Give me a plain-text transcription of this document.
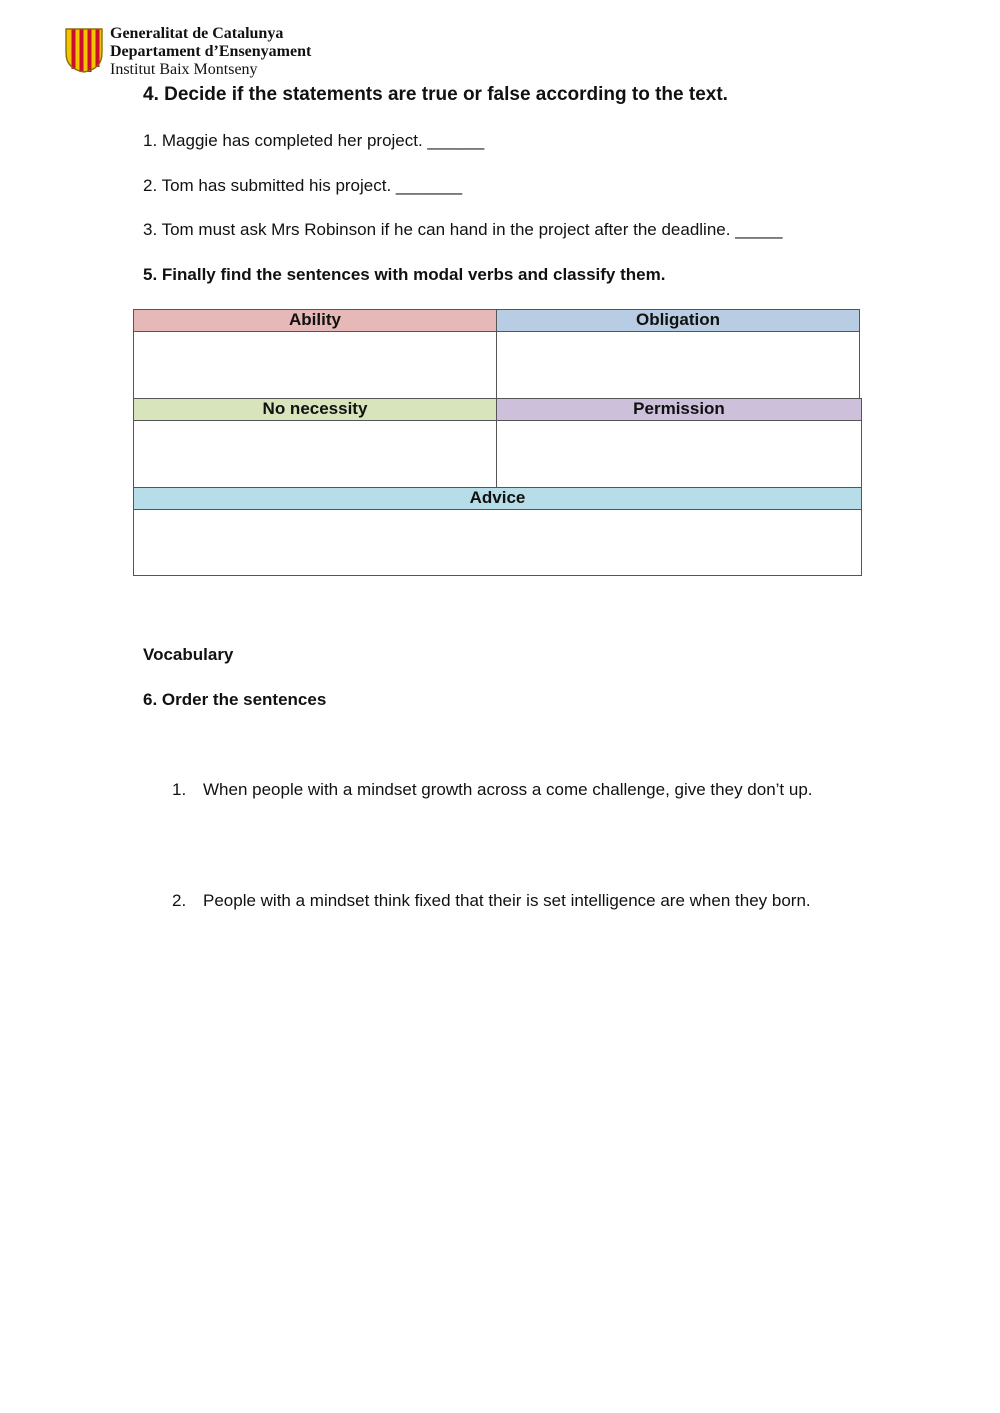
Generalitat de Catalunya
Departament d’Ensenyament
Institut Baix Montseny
4. Decide if the statements are true or false according to the text.
1. Maggie has completed her project. ______
2. Tom has submitted his project. _______
3. Tom must ask Mrs Robinson if he can hand in the project after the deadline. _____
5. Finally find the sentences with modal verbs and classify them.
Ability	Obligation
No necessity	Permission
Advice
Vocabulary
6. Order the sentences
1. When people with a mindset growth across a come challenge, give they don’t up.
2. People with a mindset think fixed that their is set intelligence are when they born.
